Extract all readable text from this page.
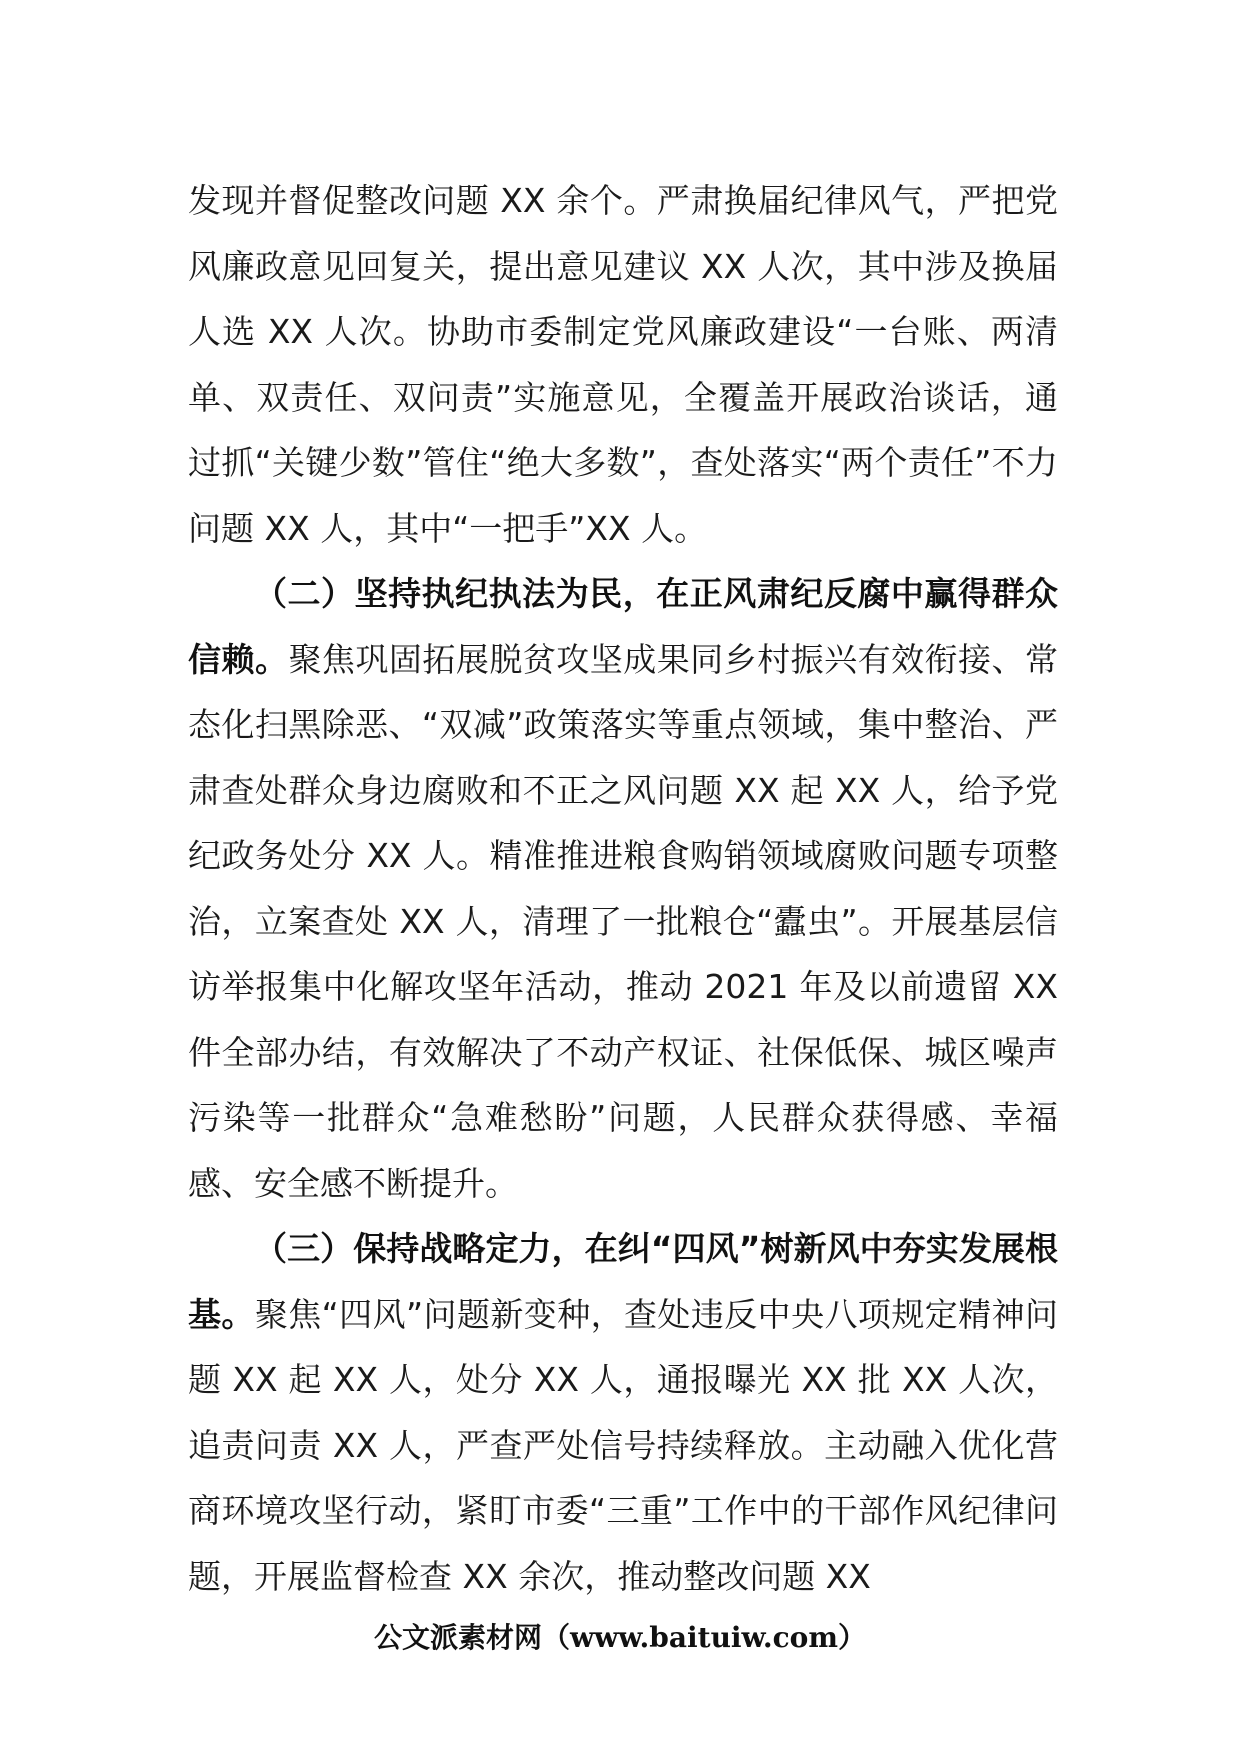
发现并督促整改问题 XX 余个。严肃换届纪律风气，严把党风廉政意见回复关，提出意见建议 XX 人次，其中涉及换届人选 XX 人次。协助市委制定党风廉政建设“一台账、两清单、双责任、双问责”实施意见，全覆盖开展政治谈话，通过抓“关键少数”管住“绝大多数”，查处落实“两个责任”不力问题 XX 人，其中“一把手”XX 人。

（二）坚持执纪执法为民，在正风肃纪反腐中赢得群众信赖。聚焦巩固拓展脱贫攻坚成果同乡村振兴有效衔接、常态化扫黑除恶、“双减”政策落实等重点领域，集中整治、严肃查处群众身边腐败和不正之风问题 XX 起 XX 人，给予党纪政务处分 XX 人。精准推进粮食购销领域腐败问题专项整治，立案查处 XX 人，清理了一批粮仓“蠹虫”。开展基层信访举报集中化解攻坚年活动，推动 2021 年及以前遗留 XX 件全部办结，有效解决了不动产权证、社保低保、城区噪声污染等一批群众“急难愁盼”问题，人民群众获得感、幸福感、安全感不断提升。

（三）保持战略定力，在纠“四风”树新风中夯实发展根基。聚焦“四风”问题新变种，查处违反中央八项规定精神问题 XX 起 XX 人，处分 XX 人，通报曝光 XX 批 XX 人次，追责问责 XX 人，严查严处信号持续释放。主动融入优化营商环境攻坚行动，紧盯市委“三重”工作中的干部作风纪律问题，开展监督检查 XX 余次，推动整改问题 XX

公文派素材网（www.baituiw.com）
